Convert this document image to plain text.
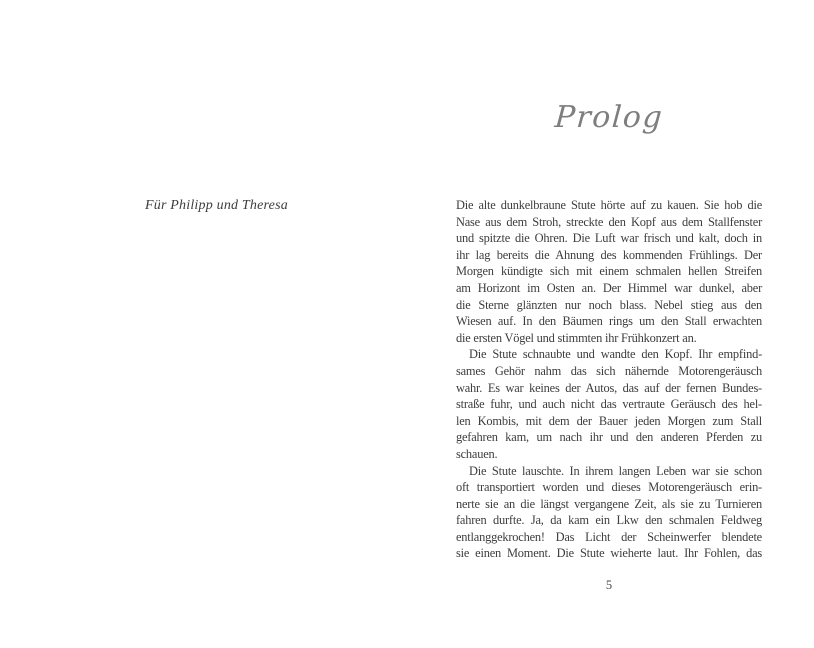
Für Philipp und Theresa

Prolog
Die alte dunkelbraune Stute hörte auf zu kauen. Sie hob die
Nase aus dem Stroh, streckte den Kopf aus dem Stallfenster
und spitzte die Ohren. Die Luft war frisch und kalt, doch in
ihr lag bereits die Ahnung des kommenden Frühlings. Der
Morgen kündigte sich mit einem schmalen hellen Streifen
am Horizont im Osten an. Der Himmel war dunkel, aber
die Sterne glänzten nur noch blass. Nebel stieg aus den
Wiesen auf. In den Bäumen rings um den Stall erwachten
die ersten Vögel und stimmten ihr Frühkonzert an.
Die Stute schnaubte und wandte den Kopf. Ihr empfind-
sames Gehör nahm das sich nähernde Motorengeräusch
wahr. Es war keines der Autos, das auf der fernen Bundes-
straße fuhr, und auch nicht das vertraute Geräusch des hel-
len Kombis, mit dem der Bauer jeden Morgen zum Stall
gefahren kam, um nach ihr und den anderen Pferden zu
schauen.
Die Stute lauschte. In ihrem langen Leben war sie schon
oft transportiert worden und dieses Motorengeräusch erin-
nerte sie an die längst vergangene Zeit, als sie zu Turnieren
fahren durfte. Ja, da kam ein Lkw den schmalen Feldweg
entlanggekrochen! Das Licht der Scheinwerfer blendete
sie einen Moment. Die Stute wieherte laut. Ihr Fohlen, das
5
